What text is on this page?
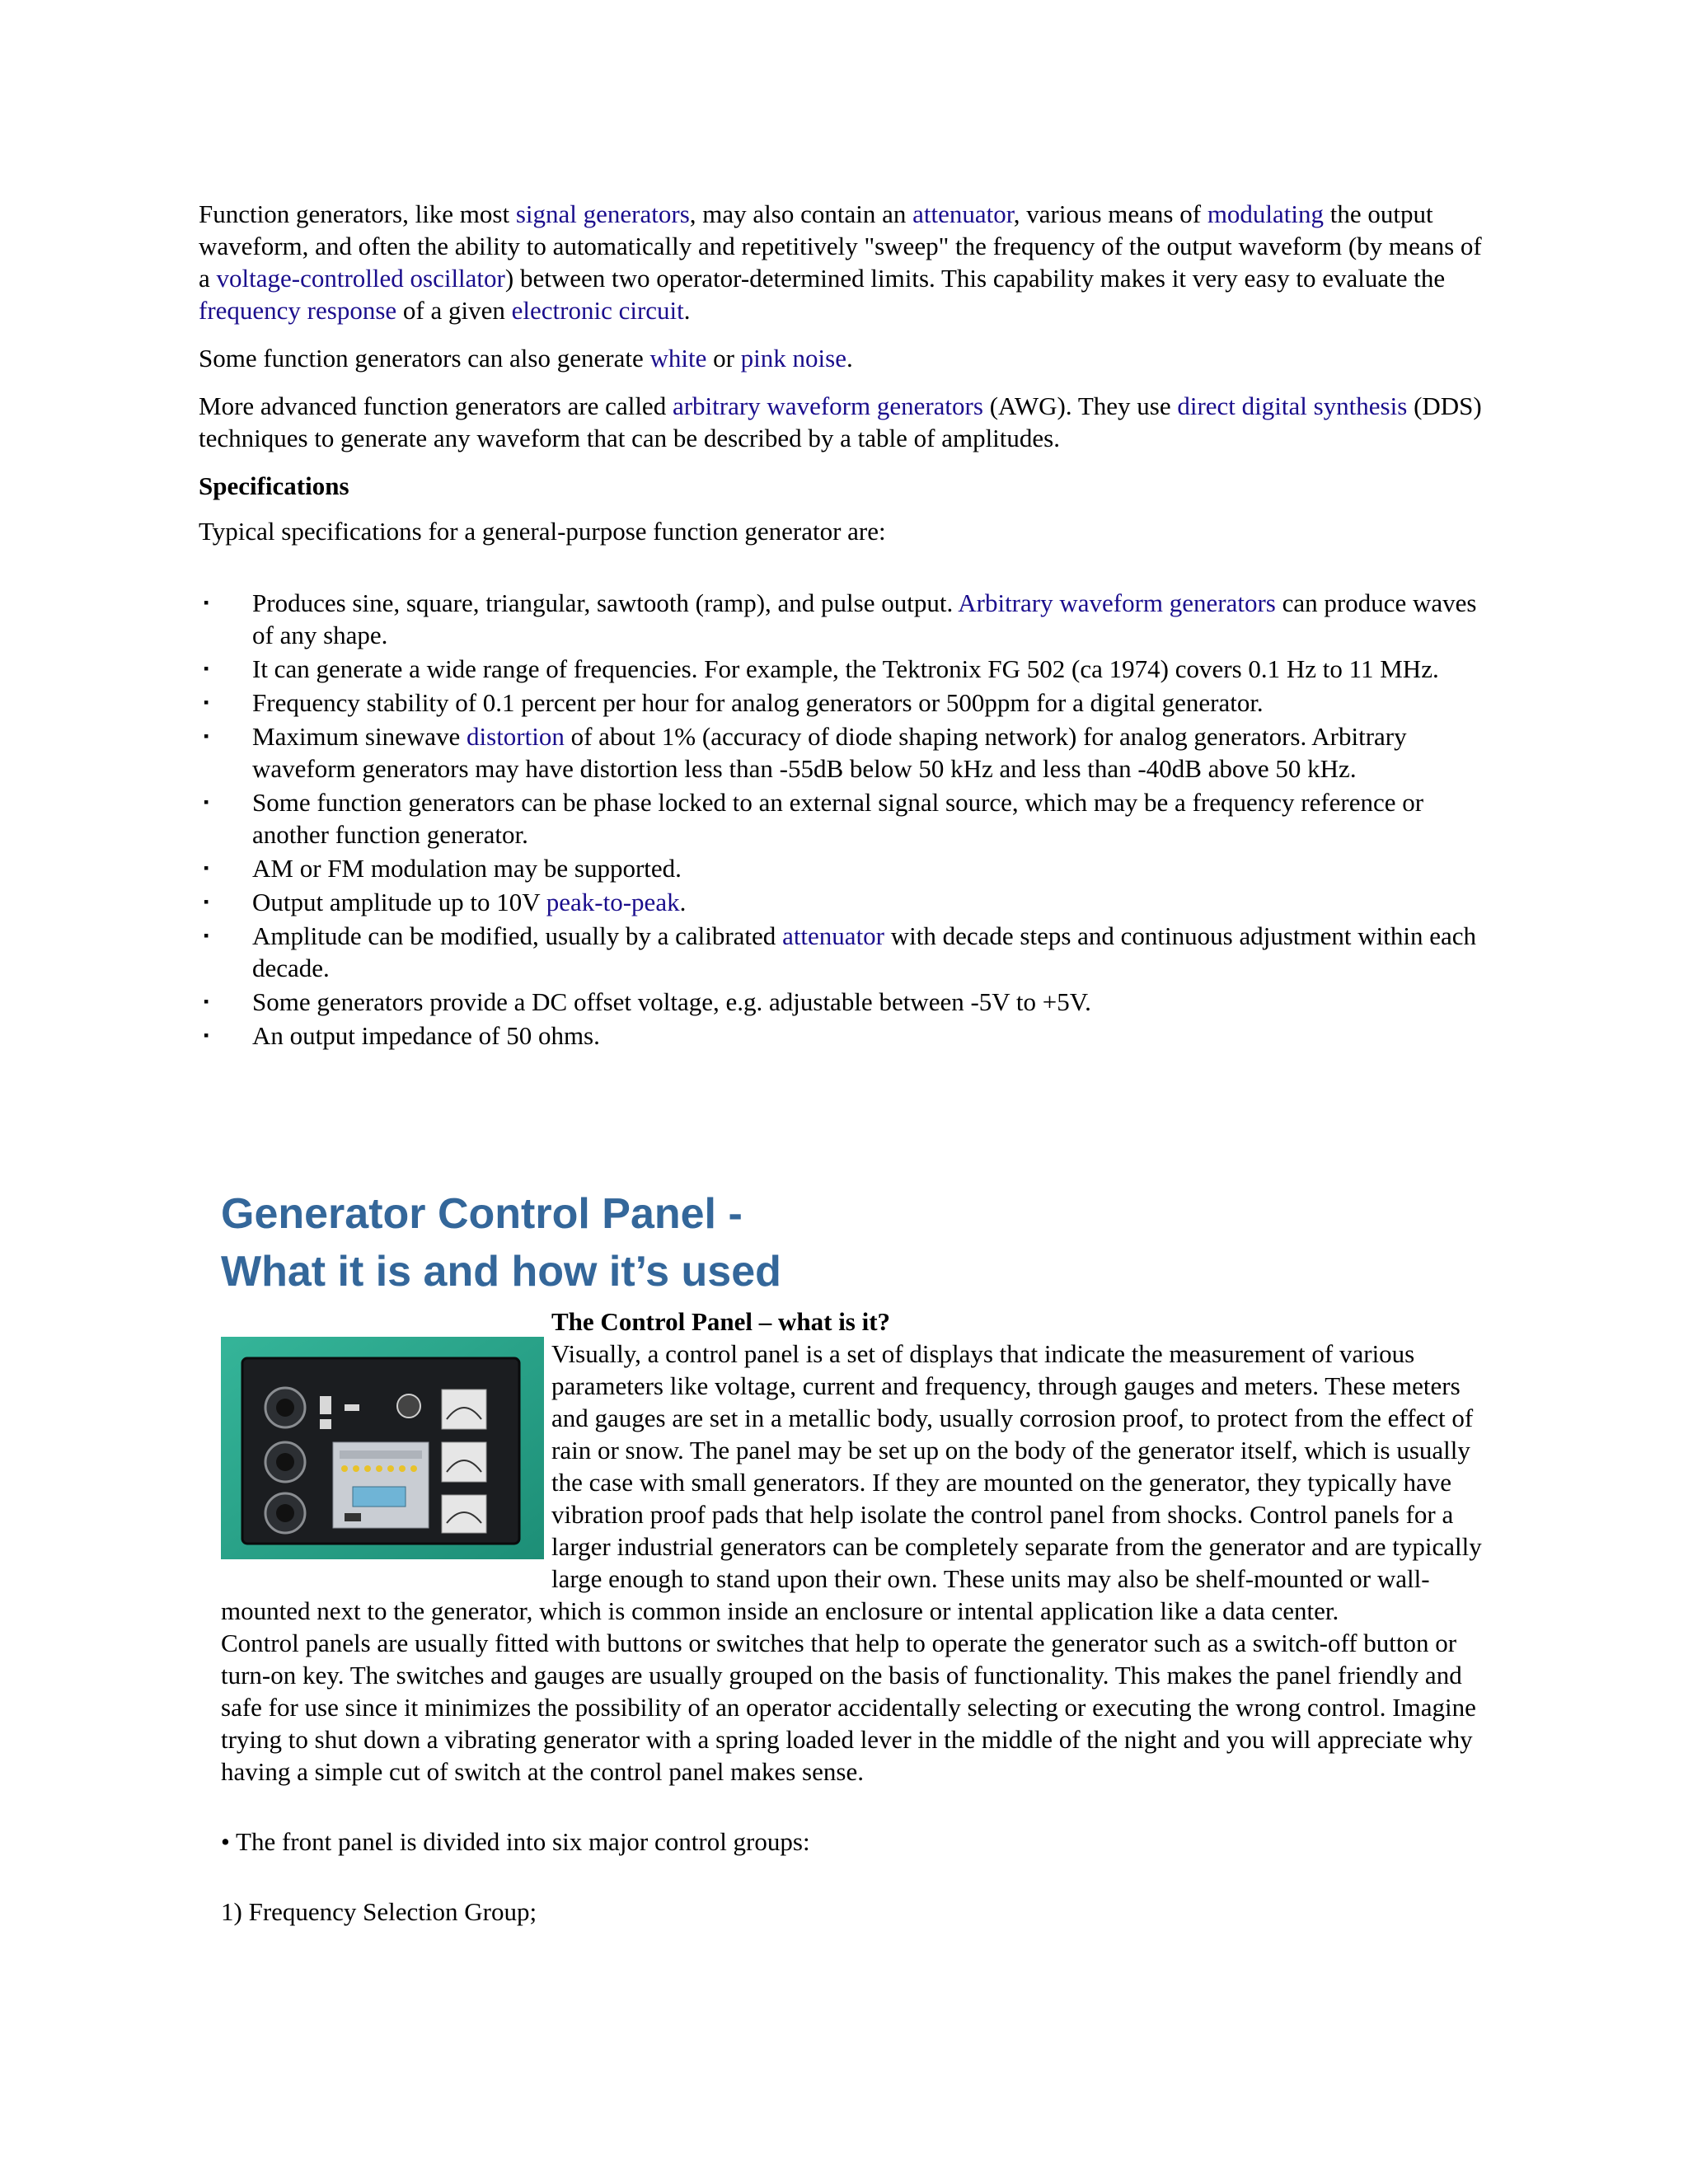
Function generators, like most signal generators, may also contain an attenuator, various means of modulating the output waveform, and often the ability to automatically and repetitively "sweep" the frequency of the output waveform (by means of a voltage-controlled oscillator) between two operator-determined limits. This capability makes it very easy to evaluate the frequency response of a given electronic circuit.

Some function generators can also generate white or pink noise.

More advanced function generators are called arbitrary waveform generators (AWG). They use direct digital synthesis (DDS) techniques to generate any waveform that can be described by a table of amplitudes.

Specifications

Typical specifications for a general-purpose function generator are:

▪ Produces sine, square, triangular, sawtooth (ramp), and pulse output. Arbitrary waveform generators can produce waves of any shape.
▪ It can generate a wide range of frequencies. For example, the Tektronix FG 502 (ca 1974) covers 0.1 Hz to 11 MHz.
▪ Frequency stability of 0.1 percent per hour for analog generators or 500ppm for a digital generator.
▪ Maximum sinewave distortion of about 1% (accuracy of diode shaping network) for analog generators. Arbitrary waveform generators may have distortion less than -55dB below 50 kHz and less than -40dB above 50 kHz.
▪ Some function generators can be phase locked to an external signal source, which may be a frequency reference or another function generator.
▪ AM or FM modulation may be supported.
▪ Output amplitude up to 10V peak-to-peak.
▪ Amplitude can be modified, usually by a calibrated attenuator with decade steps and continuous adjustment within each decade.
▪ Some generators provide a DC offset voltage, e.g. adjustable between -5V to +5V.
▪ An output impedance of 50 ohms.
Generator Control Panel -
What it is and how it’s used
The Control Panel – what is it?

Visually, a control panel is a set of displays that indicate the measurement of various parameters like voltage, current and frequency, through gauges and meters. These meters and gauges are set in a metallic body, usually corrosion proof, to protect from the effect of rain or snow. The panel may be set up on the body of the generator itself, which is usually the case with small generators. If they are mounted on the generator, they typically have vibration proof pads that help isolate the control panel from shocks. Control panels for a larger industrial generators can be completely separate from the generator and are typically large enough to stand upon their own. These units may also be shelf-mounted or wall-mounted next to the generator, which is common inside an enclosure or intental application like a data center.

Control panels are usually fitted with buttons or switches that help to operate the generator such as a switch-off button or turn-on key. The switches and gauges are usually grouped on the basis of functionality. This makes the panel friendly and safe for use since it minimizes the possibility of an operator accidentally selecting or executing the wrong control. Imagine trying to shut down a vibrating generator with a spring loaded lever in the middle of the night and you will appreciate why having a simple cut of switch at the control panel makes sense.

• The front panel is divided into six major control groups:

1) Frequency Selection Group;
